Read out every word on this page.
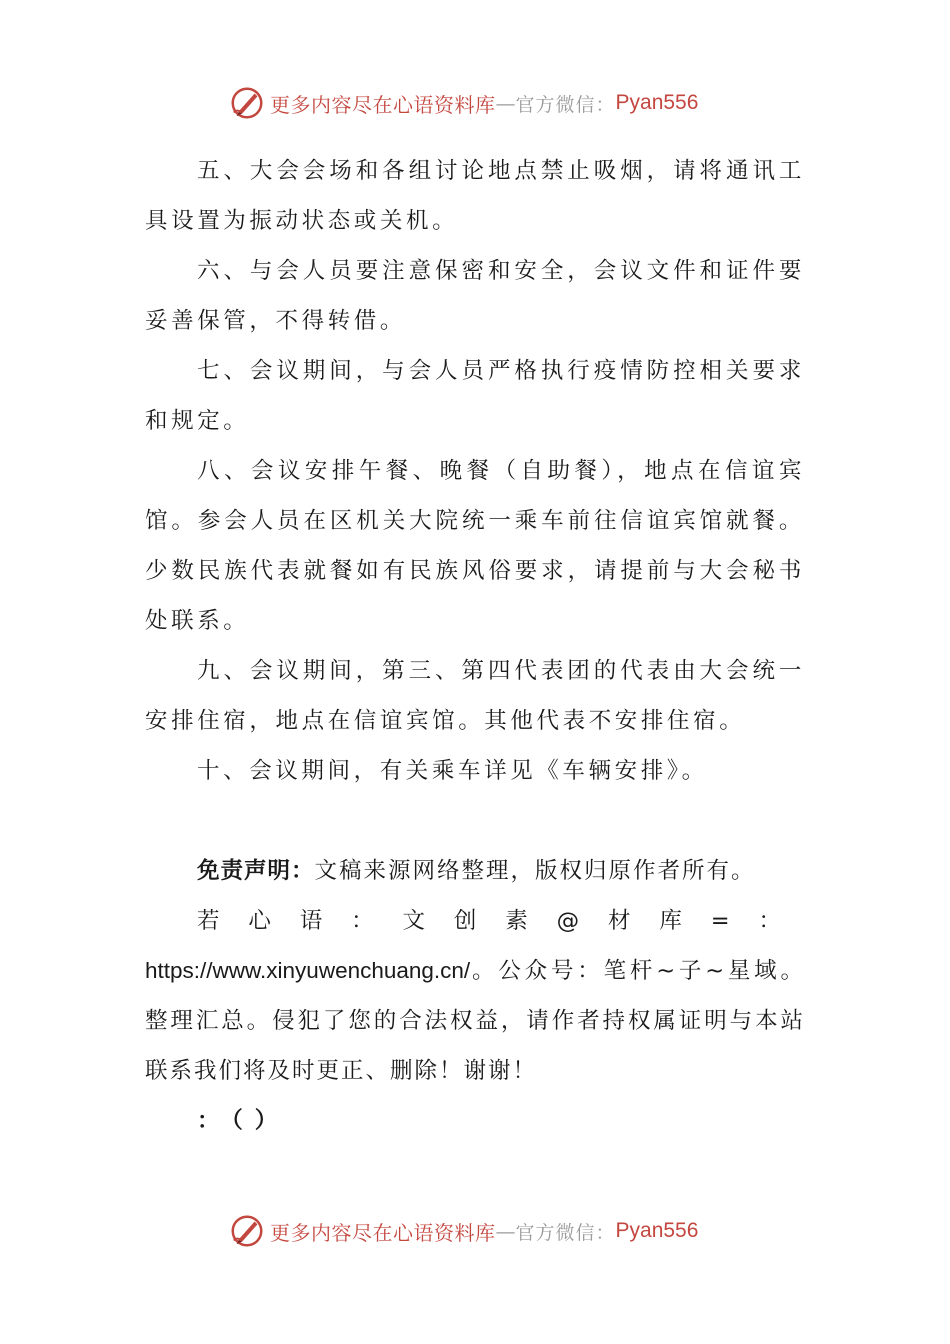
更多内容尽在心语资料库 — 官方微信： Pyan556

五、大会会场和各组讨论地点禁止吸烟，请将通讯工具设置为振动状态或关机。

六、与会人员要注意保密和安全，会议文件和证件要妥善保管，不得转借。

七、会议期间，与会人员严格执行疫情防控相关要求和规定。

八、会议安排午餐、晚餐（自助餐），地点在信谊宾馆。参会人员在区机关大院统一乘车前往信谊宾馆就餐。少数民族代表就餐如有民族风俗要求，请提前与大会秘书处联系。

九、会议期间，第三、第四代表团的代表由大会统一安排住宿，地点在信谊宾馆。其他代表不安排住宿。

十、会议期间，有关乘车详见《车辆安排》。

免责声明：文稿来源网络整理，版权归原作者所有。

若心语：文创素@材库=：https://www.xinyuwenchuang.cn/。公众号：笔杆~子~星域。整理汇总。侵犯了您的合法权益，请作者持权属证明与本站联系我们将及时更正、删除！谢谢！

：（）

更多内容尽在心语资料库 — 官方微信： Pyan556
